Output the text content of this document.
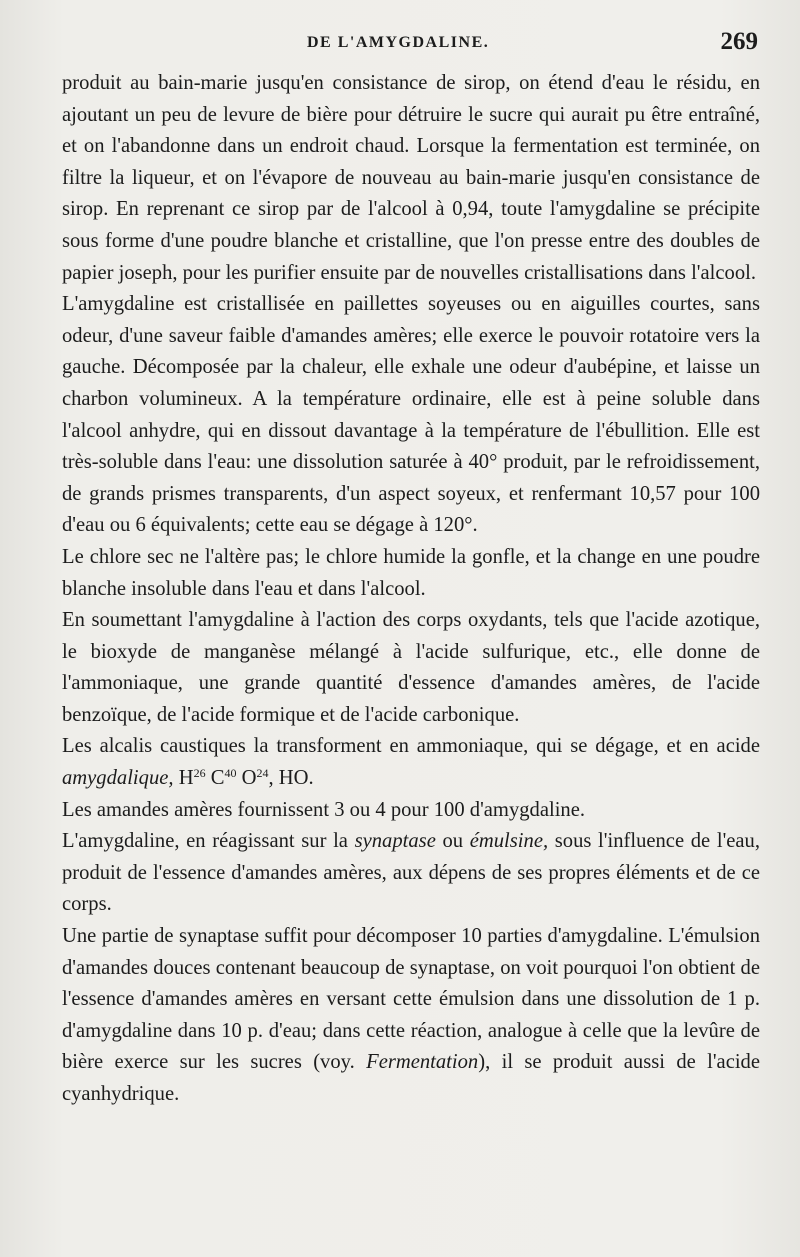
DE L'AMYGDALINE.	269

produit au bain-marie jusqu'en consistance de sirop, on étend d'eau le résidu, en ajoutant un peu de levure de bière pour détruire le sucre qui aurait pu être entraîné, et on l'abandonne dans un endroit chaud. Lorsque la fermentation est terminée, on filtre la liqueur, et on l'évapore de nouveau au bain-marie jusqu'en consistance de sirop. En reprenant ce sirop par de l'alcool à 0,94, toute l'amygdaline se précipite sous forme d'une poudre blanche et cristalline, que l'on presse entre des doubles de papier joseph, pour les purifier ensuite par de nouvelles cristallisations dans l'alcool.

L'amygdaline est cristallisée en paillettes soyeuses ou en aiguilles courtes, sans odeur, d'une saveur faible d'amandes amères; elle exerce le pouvoir rotatoire vers la gauche. Décomposée par la chaleur, elle exhale une odeur d'aubépine, et laisse un charbon volumineux. A la température ordinaire, elle est à peine soluble dans l'alcool anhydre, qui en dissout davantage à la température de l'ébullition. Elle est très-soluble dans l'eau: une dissolution saturée à 40° produit, par le refroidissement, de grands prismes transparents, d'un aspect soyeux, et renfermant 10,57 pour 100 d'eau ou 6 équivalents; cette eau se dégage à 120°.

Le chlore sec ne l'altère pas; le chlore humide la gonfle, et la change en une poudre blanche insoluble dans l'eau et dans l'alcool.

En soumettant l'amygdaline à l'action des corps oxydants, tels que l'acide azotique, le bioxyde de manganèse mélangé à l'acide sulfurique, etc., elle donne de l'ammoniaque, une grande quantité d'essence d'amandes amères, de l'acide benzoïque, de l'acide formique et de l'acide carbonique.

Les alcalis caustiques la transforment en ammoniaque, qui se dégage, et en acide amygdalique, $H^{26}$ $C^{40}$ $O^{24}$, HO.

Les amandes amères fournissent 3 ou 4 pour 100 d'amygdaline.

L'amygdaline, en réagissant sur la synaptase ou émulsine, sous l'influence de l'eau, produit de l'essence d'amandes amères, aux dépens de ses propres éléments et de ce corps.

Une partie de synaptase suffit pour décomposer 10 parties d'amygdaline. L'émulsion d'amandes douces contenant beaucoup de synaptase, on voit pourquoi l'on obtient de l'essence d'amandes amères en versant cette émulsion dans une dissolution de 1 p. d'amygdaline dans 10 p. d'eau; dans cette réaction, analogue à celle que la levûre de bière exerce sur les sucres (voy. Fermentation), il se produit aussi de l'acide cyanhydrique.
